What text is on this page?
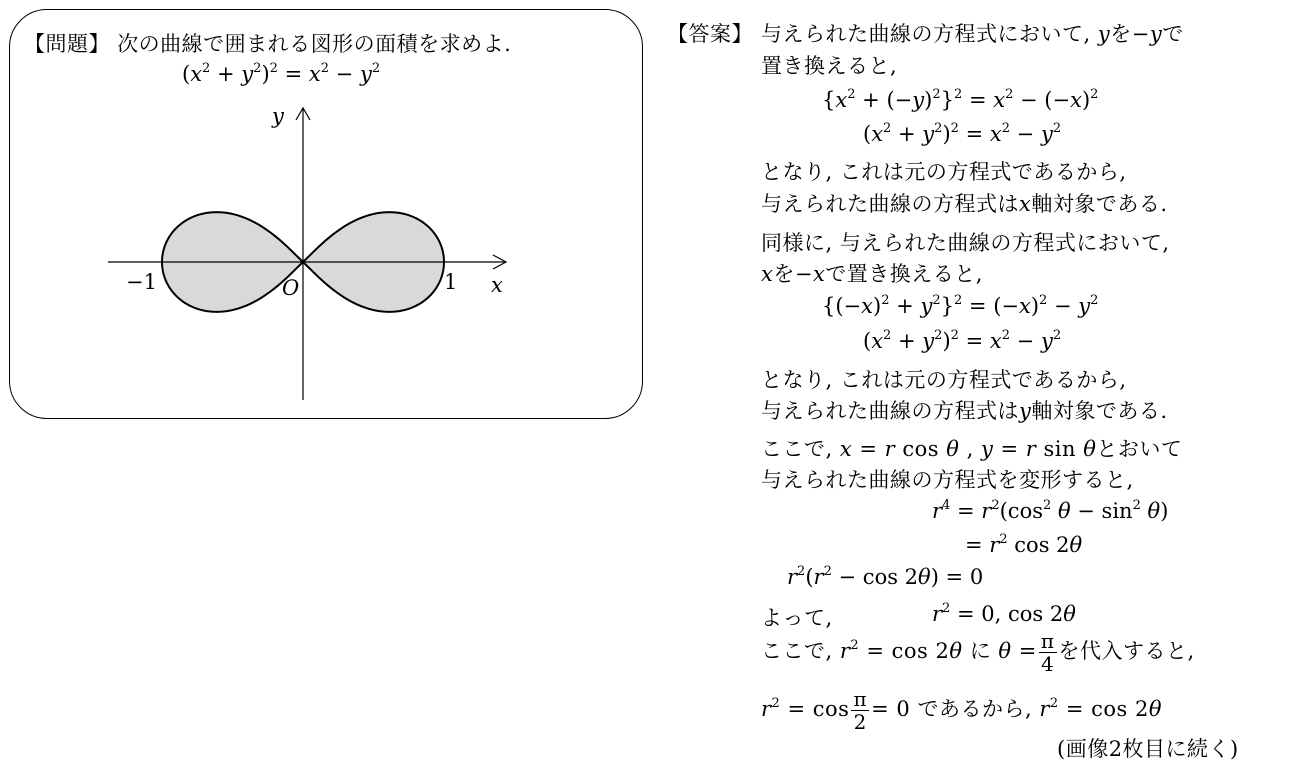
【問題】 次の曲線で囲まれる図形の面積を求めよ.
$(x^2 + y^2)^2 = x^2 - y^2$
y
x
O
−1	1
【答案】 与えられた曲線の方程式において, yを−yで
置き換えると,
$\{x^2 + (-y)^2\}^2 = x^2 - (-x)^2$
$(x^2 + y^2)^2 = x^2 - y^2$
となり, これは元の方程式であるから,
与えられた曲線の方程式はx軸対象である.
同様に, 与えられた曲線の方程式において,
xを−xで置き換えると,
$\{(-x)^2 + y^2\}^2 = (-x)^2 - y^2$
$(x^2 + y^2)^2 = x^2 - y^2$
となり, これは元の方程式であるから,
与えられた曲線の方程式はy軸対象である.
ここで, x = r cos θ , y = r sin θとおいて
与えられた曲線の方程式を変形すると,
$r^4 = r^2(\cos^2$ $\theta - \sin^2 \theta$)
= $r^2$ cos 2θ
$r^2(r^2 - \cos 2\theta) = 0$
よって,	$r^2 = 0$, cos 2θ
ここで, $r^2 = \cos 2\theta$ に $\theta = \frac{\pi}{4}$ を代入すると,
$r^2 = \cos \frac{\pi}{2} = 0$ であるから, $r^2 = \cos 2\theta$
(画像2枚目に続く)
